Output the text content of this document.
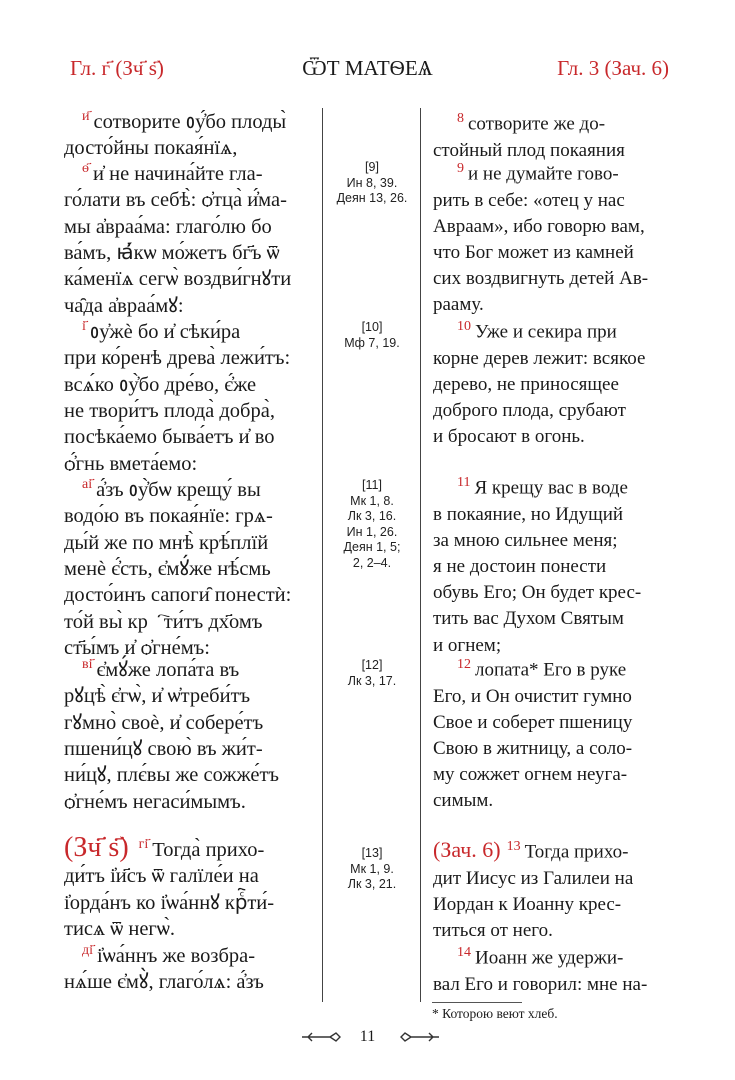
Гл. г҃ (Зч҃ ѕ҃)	ѾТ МАТѲЕѦ	Гл. 3 (Зач. 6)
$^{и҃}$ сотворите ᲂу҆́бо плоды̀
досто́йны покая́нїѧ,
$^{ѳ҃}$ и҆ не начина́йте гла-
го́лати въ себѣ̀: ѻ҆тца̀ и҆́ма-
мы а҆враа́ма: глаго́лю бо
ва́мъ, ꙗ҆́кѡ мо́жетъ бг҃ъ ѿ
ка́менїѧ сегѡ̀ воздви́гнꙋти
ча̑да а҆враа́мꙋ:
$^{і҃}$ ᲂу҆жѐ бо и҆ сѣки́ра
при ко́ренѣ древа̀ лежи́тъ:
всѧ́ко ᲂу҆̀бо дре́во, є҆́же
не твори́тъ плода̀ добра̀,
посѣка́емо быва́етъ и҆ во
ѻ҆́гнь вмета́емо:
$^{аі҃}$ а҆́зъ ᲂу҆̀бѡ крещу́ вы
водо́ю въ покая́нїе: грѧ-
ды́й же по мнѣ̀ крѣ́плїй
менѐ є҆́сть, є҆мꙋ́же нѣ́смь
досто́инъ сапоги̑ понестѝ:
то́й вы̀ крⷭ҇ти́тъ дх҃омъ
ст҃ы́мъ и҆ ѻ҆гне́мъ:
$^{ві҃}$ є҆мꙋ́же лопа́та въ
рꙋцѣ̀ є҆гѡ̀, и҆ ѡ҆треби́тъ
гꙋмно̀ своѐ, и҆ собере́тъ
пшени́цꙋ свою̀ въ жи́т-
ни́цꙋ, плє́вы же сожже́тъ
ѻ҆гне́мъ негаси́мымъ.
(Зч҃ ѕ҃) $^{гі҃}$ Тогда̀ прихо-
ди́тъ і҆и҃съ ѿ галїле́и на
і҆орда́нъ ко і҆ѡа́ннꙋ крⷭ҇ти́-
тисѧ ѿ негѡ̀.
$^{ді҃}$ і҆ѡа́ннъ же возбра-
нѧ́ше є҆мꙋ̀, глаго́лѧ: а҆́зъ
[9]
Ин 8, 39.
Деян 13, 26.
[10]
Мф 7, 19.
[11]
Мк 1, 8.
Лк 3, 16.
Ин 1, 26.
Деян 1, 5;
2, 2–4.
[12]
Лк 3, 17.
[13]
Мк 1, 9.
Лк 3, 21.
$^8$ сотворите же до-
стойный плод покаяния
$^9$ и не думайте гово-
рить в себе: «отец у нас
Авраам», ибо говорю вам,
что Бог может из камней
сих воздвигнуть детей Ав-
рааму.
$^{10}$ Уже и секира при
корне дерев лежит: всякое
дерево, не приносящее
доброго плода, срубают
и бросают в огонь.
$^{11}$ Я крещу вас в воде
в покаяние, но Идущий
за мною сильнее меня;
я не достоин понести
обувь Его; Он будет крес-
тить вас Духом Святым
и огнем;
$^{12}$ лопата* Его в руке
Его, и Он очистит гумно
Свое и соберет пшеницу
Свою в житницу, а соло-
му сожжет огнем неуга-
симым.
(Зач. 6) $^{13}$ Тогда прихо-
дит Иисус из Галилеи на
Иордан к Иоанну крес-
титься от него.
$^{14}$ Иоанн же удержи-
вал Его и говорил: мне на-
* Которою веют хлеб.
11
